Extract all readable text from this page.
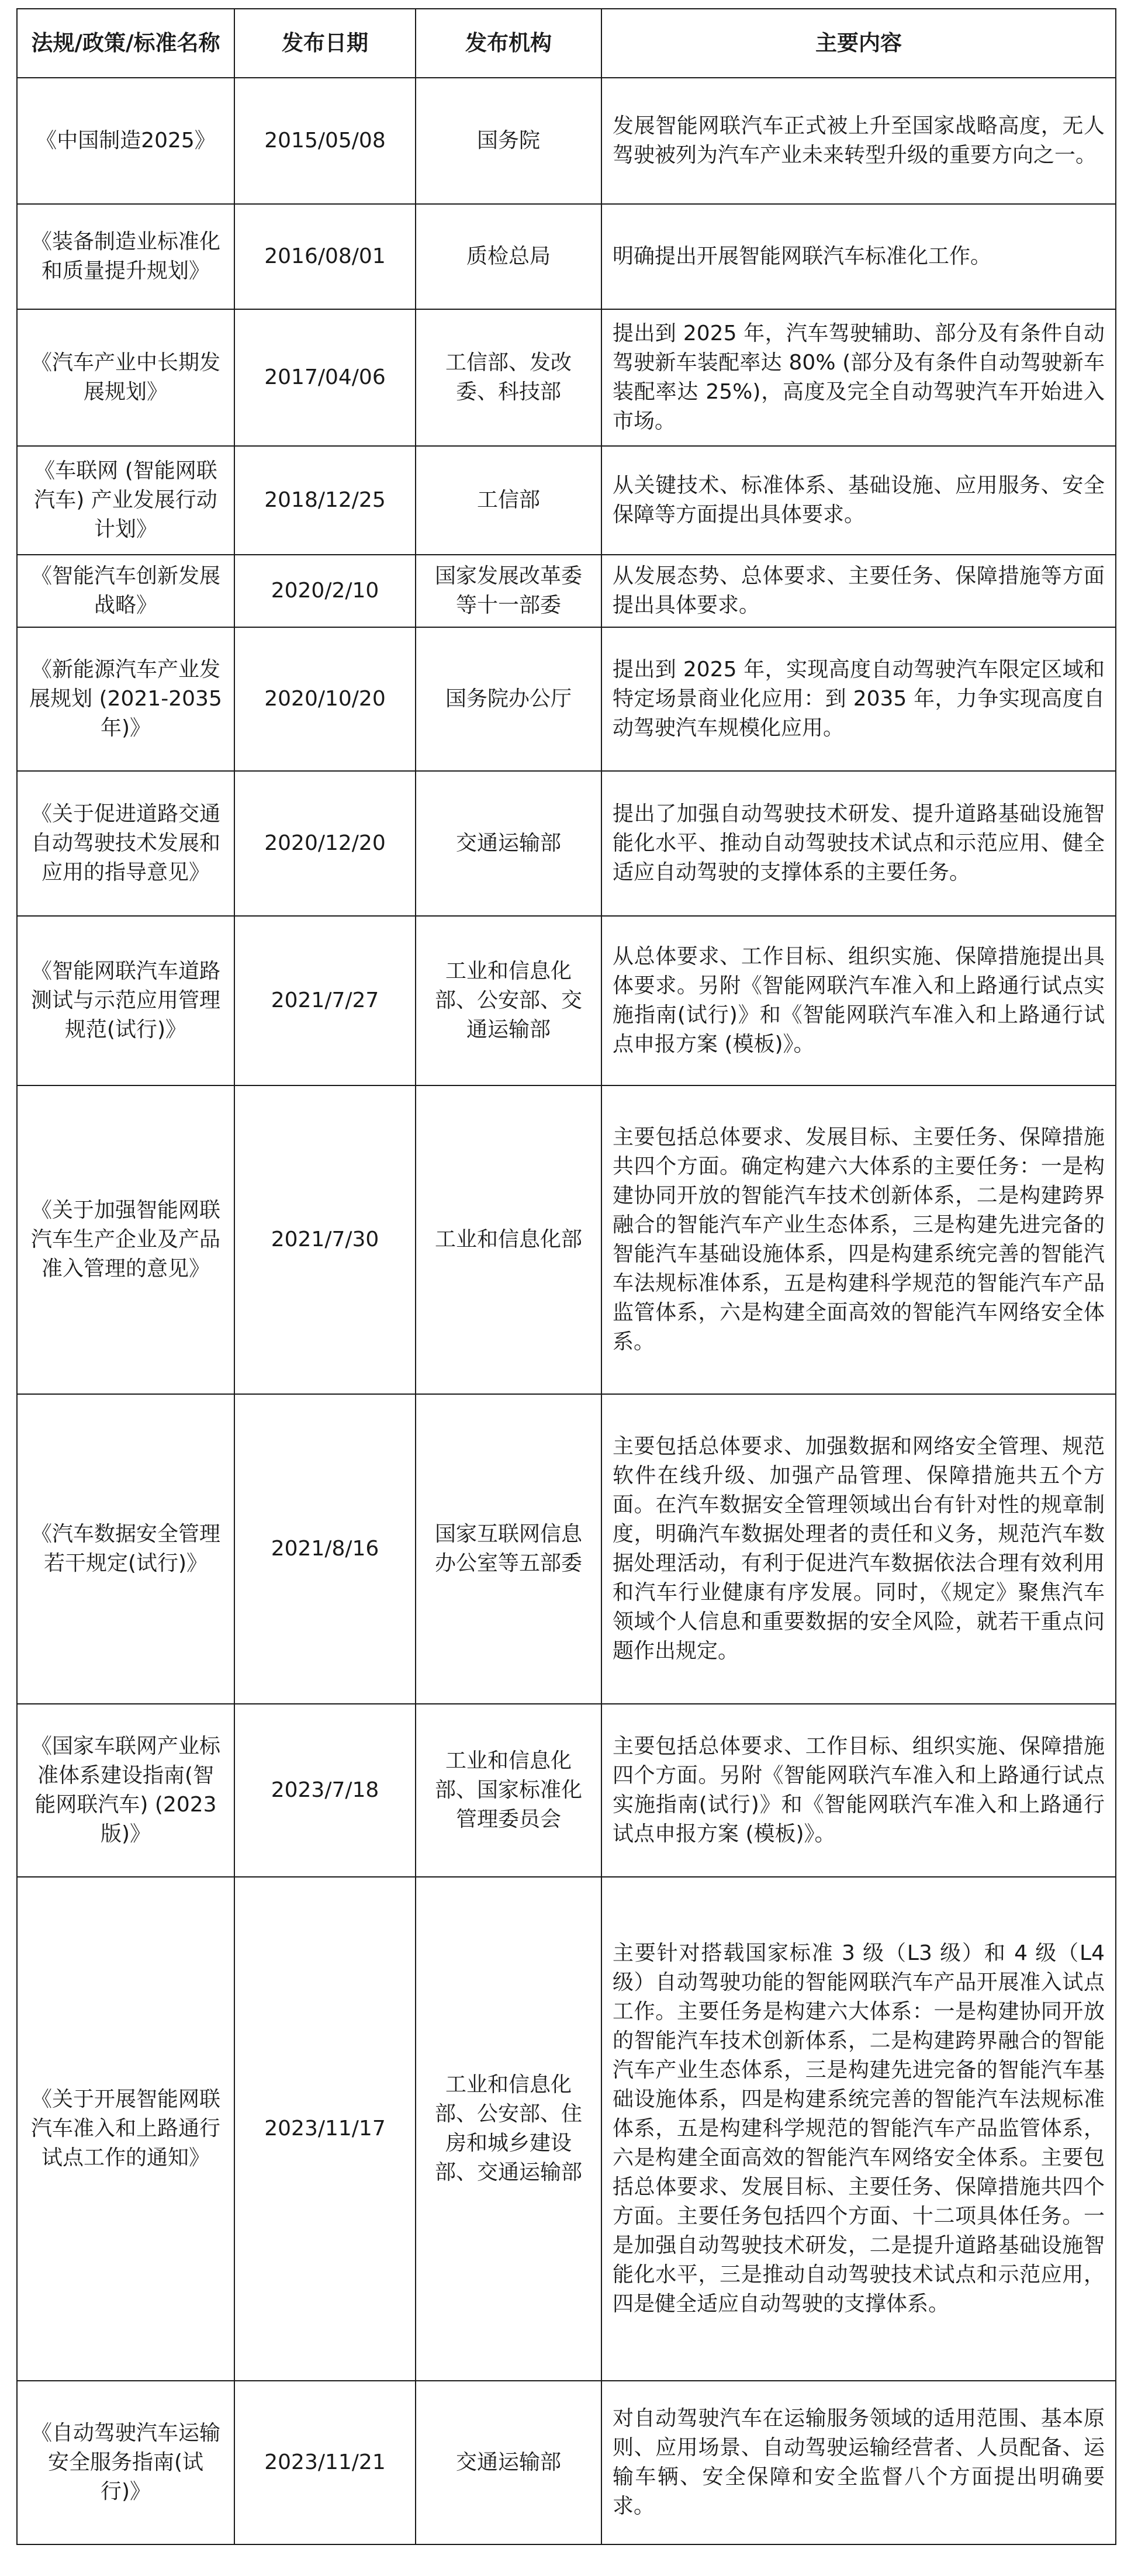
法规/政策/标准名称	发布日期	发布机构	主要内容
《中国制造2025》	2015/05/08	国务院	发展智能网联汽车正式被上升至国家战略高度，无人驾驶被列为汽车产业未来转型升级的重要方向之一。
《装备制造业标准化和质量提升规划》	2016/08/01	质检总局	明确提出开展智能网联汽车标准化工作。
《汽车产业中长期发展规划》	2017/04/06	工信部、发改委、科技部	提出到 2025 年，汽车驾驶辅助、部分及有条件自动驾驶新车装配率达 80% (部分及有条件自动驾驶新车装配率达 25%)，高度及完全自动驾驶汽车开始进入市场。
《车联网 (智能网联汽车) 产业发展行动计划》	2018/12/25	工信部	从关键技术、标准体系、基础设施、应用服务、安全保障等方面提出具体要求。
《智能汽车创新发展战略》	2020/2/10	国家发展改革委等十一部委	从发展态势、总体要求、主要任务、保障措施等方面提出具体要求。
《新能源汽车产业发展规划 (2021-2035 年)》	2020/10/20	国务院办公厅	提出到 2025 年，实现高度自动驾驶汽车限定区域和特定场景商业化应用：到 2035 年，力争实现高度自动驾驶汽车规模化应用。
《关于促进道路交通自动驾驶技术发展和应用的指导意见》	2020/12/20	交通运输部	提出了加强自动驾驶技术研发、提升道路基础设施智能化水平、推动自动驾驶技术试点和示范应用、健全适应自动驾驶的支撑体系的主要任务。
《智能网联汽车道路测试与示范应用管理规范(试行)》	2021/7/27	工业和信息化部、公安部、交通运输部	从总体要求、工作目标、组织实施、保障措施提出具体要求。另附《智能网联汽车准入和上路通行试点实施指南(试行)》和《智能网联汽车准入和上路通行试点申报方案 (模板)》。
《关于加强智能网联汽车生产企业及产品准入管理的意见》	2021/7/30	工业和信息化部	主要包括总体要求、发展目标、主要任务、保障措施共四个方面。确定构建六大体系的主要任务：一是构建协同开放的智能汽车技术创新体系，二是构建跨界融合的智能汽车产业生态体系，三是构建先进完备的智能汽车基础设施体系，四是构建系统完善的智能汽车法规标准体系，五是构建科学规范的智能汽车产品监管体系，六是构建全面高效的智能汽车网络安全体系。
《汽车数据安全管理若干规定(试行)》	2021/8/16	国家互联网信息办公室等五部委	主要包括总体要求、加强数据和网络安全管理、规范软件在线升级、加强产品管理、保障措施共五个方面。在汽车数据安全管理领域出台有针对性的规章制度，明确汽车数据处理者的责任和义务，规范汽车数据处理活动，有利于促进汽车数据依法合理有效利用和汽车行业健康有序发展。同时，《规定》聚焦汽车领域个人信息和重要数据的安全风险，就若干重点问题作出规定。
《国家车联网产业标准体系建设指南(智能网联汽车) (2023 版)》	2023/7/18	工业和信息化部、国家标准化管理委员会	主要包括总体要求、工作目标、组织实施、保障措施四个方面。另附《智能网联汽车准入和上路通行试点实施指南(试行)》和《智能网联汽车准入和上路通行试点申报方案 (模板)》。
《关于开展智能网联汽车准入和上路通行试点工作的通知》	2023/11/17	工业和信息化部、公安部、住房和城乡建设部、交通运输部	主要针对搭载国家标准 3 级（L3 级）和 4 级（L4 级）自动驾驶功能的智能网联汽车产品开展准入试点工作。主要任务是构建六大体系：一是构建协同开放的智能汽车技术创新体系，二是构建跨界融合的智能汽车产业生态体系，三是构建先进完备的智能汽车基础设施体系，四是构建系统完善的智能汽车法规标准体系，五是构建科学规范的智能汽车产品监管体系，六是构建全面高效的智能汽车网络安全体系。主要包括总体要求、发展目标、主要任务、保障措施共四个方面。主要任务包括四个方面、十二项具体任务。一是加强自动驾驶技术研发，二是提升道路基础设施智能化水平，三是推动自动驾驶技术试点和示范应用，四是健全适应自动驾驶的支撑体系。
《自动驾驶汽车运输安全服务指南(试行)》	2023/11/21	交通运输部	对自动驾驶汽车在运输服务领域的适用范围、基本原则、应用场景、自动驾驶运输经营者、人员配备、运输车辆、安全保障和安全监督八个方面提出明确要求。
